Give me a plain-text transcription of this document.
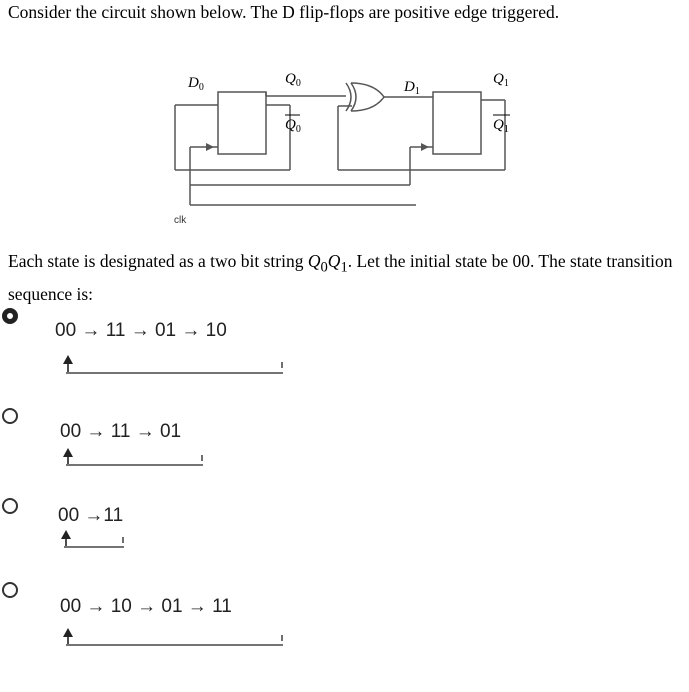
Consider the circuit shown below. The D flip-flops are positive edge triggered.
$D_0$
$Q_0$
$Q_0$
$D_1$
$Q_1$
$Q_1$
clk
Each state is designated as a two bit string $Q_0Q_1$. Let the initial state be 00. The state transition sequence is:
00 → 11 → 01 → 10
00 → 11 → 01
00 →11
00 → 10 → 01 → 11
